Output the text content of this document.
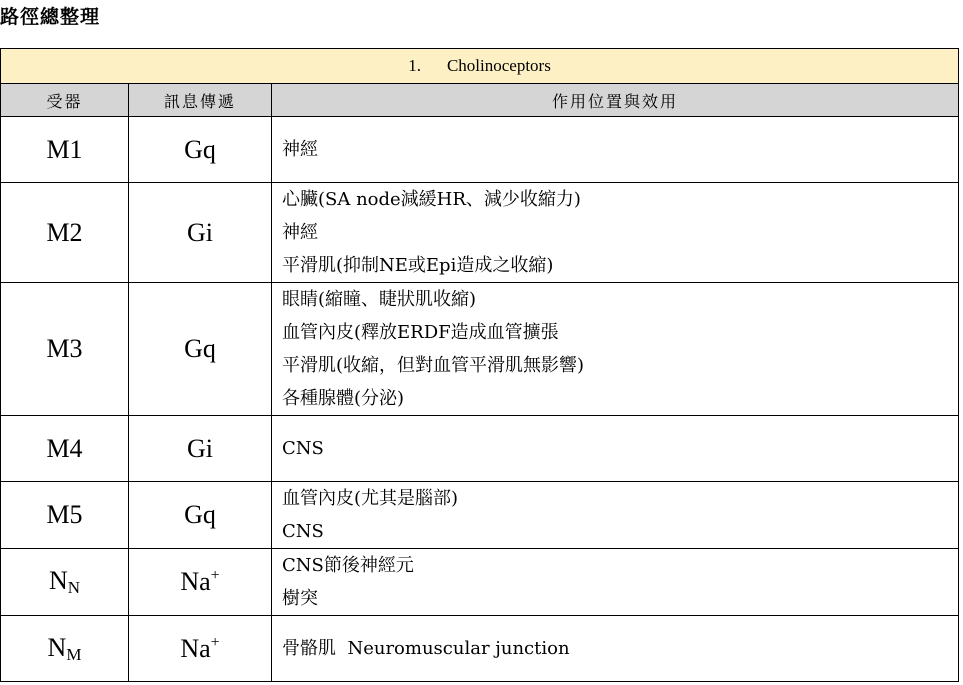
路徑總整理
1. Cholinoceptors		
受器	訊息傳遞	作用位置與效用
M1	Gq	神經

M2	Gi	心臟(SA node減緩HR、減少收縮力)
神經
平滑肌(抑制NE或Epi造成之收縮)

M3	Gq	眼睛(縮瞳、睫狀肌收縮)
血管內皮(釋放ERDF造成血管擴張
平滑肌(收縮，但對血管平滑肌無影響)
各種腺體(分泌)

M4	Gi	CNS

M5	Gq	血管內皮(尤其是腦部)
CNS

$N_N$	Na+	CNS節後神經元
樹突

$N_M$	Na+	骨骼肌  Neuromuscular junction
